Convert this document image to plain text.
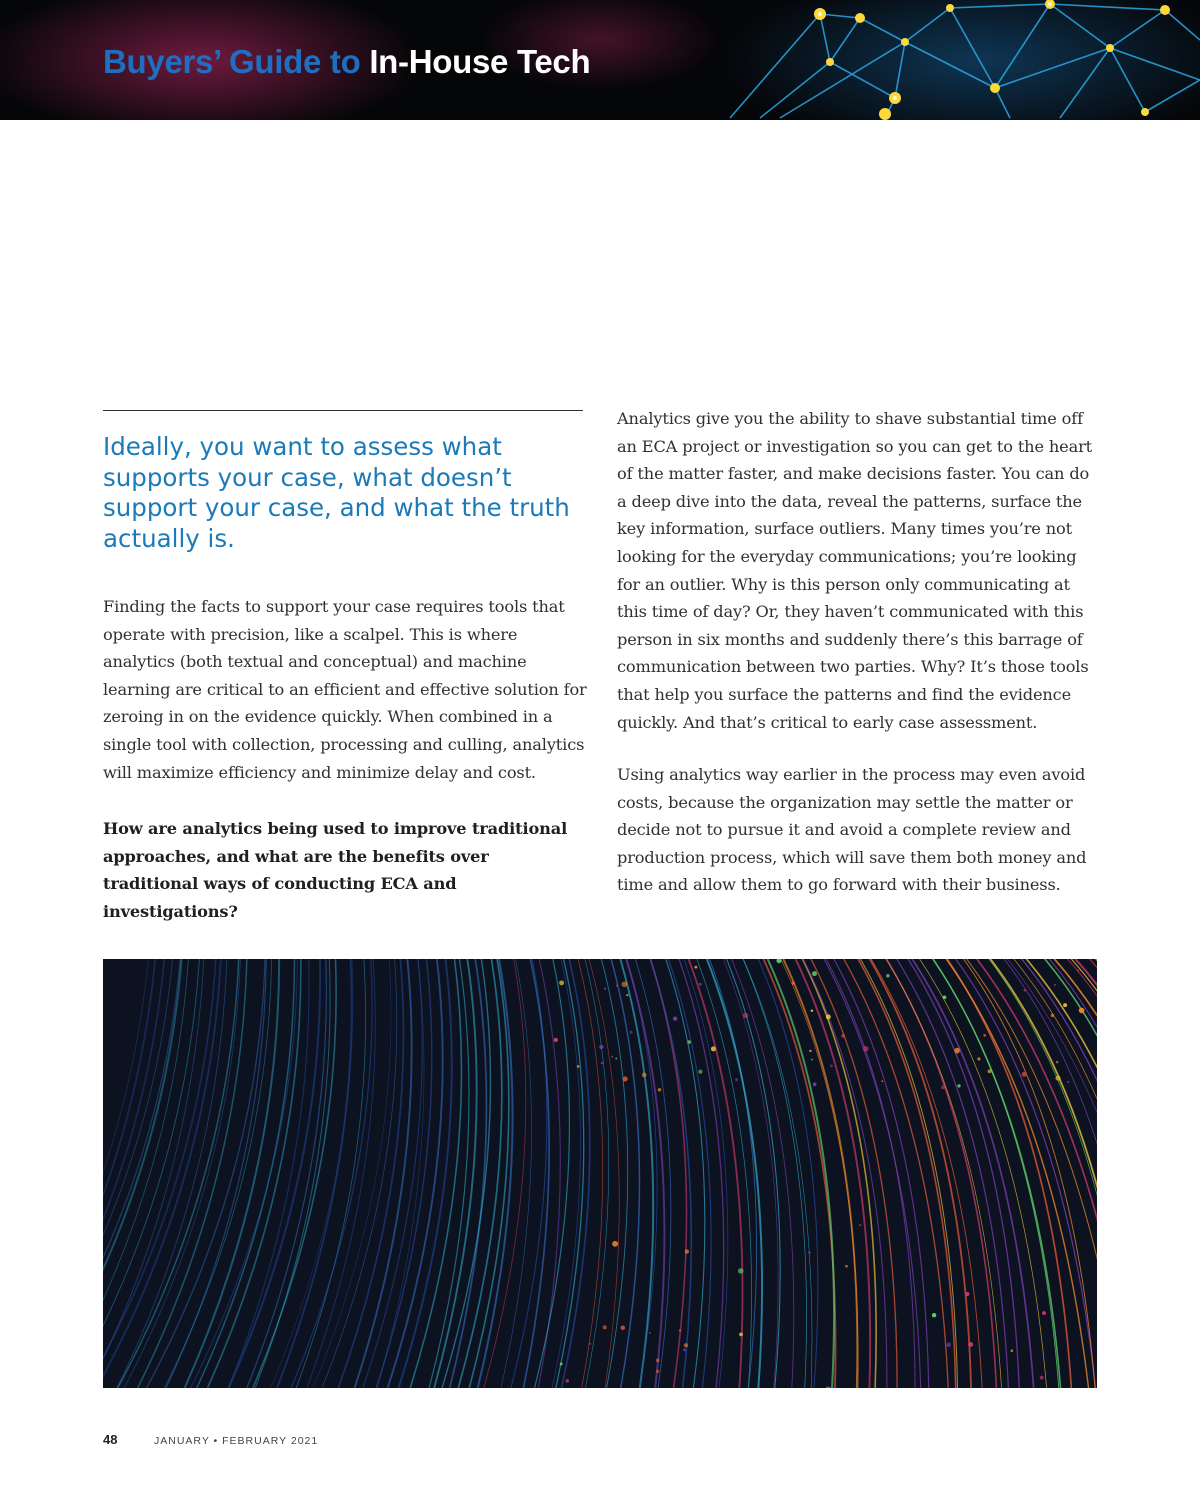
Buyers’ Guide to In-House Tech

Ideally, you want to assess what supports your case, what doesn’t support your case, and what the truth actually is.

Finding the facts to support your case requires tools that operate with precision, like a scalpel. This is where analytics (both textual and conceptual) and machine learning are critical to an efficient and effective solution for zeroing in on the evidence quickly. When combined in a single tool with collection, processing and culling, analytics will maximize efficiency and minimize delay and cost.

How are analytics being used to improve traditional approaches, and what are the benefits over traditional ways of conducting ECA and investigations?

Analytics give you the ability to shave substantial time off an ECA project or investigation so you can get to the heart of the matter faster, and make decisions faster. You can do a deep dive into the data, reveal the patterns, surface the key information, surface outliers. Many times you’re not looking for the everyday communications; you’re looking for an outlier. Why is this person only communicating at this time of day? Or, they haven’t communicated with this person in six months and suddenly there’s this barrage of communication between two parties. Why? It’s those tools that help you surface the patterns and find the evidence quickly. And that’s critical to early case assessment.

Using analytics way earlier in the process may even avoid costs, because the organization may settle the matter or decide not to pursue it and avoid a complete review and production process, which will save them both money and time and allow them to go forward with their business.

48	JANUARY • FEBRUARY 2021
